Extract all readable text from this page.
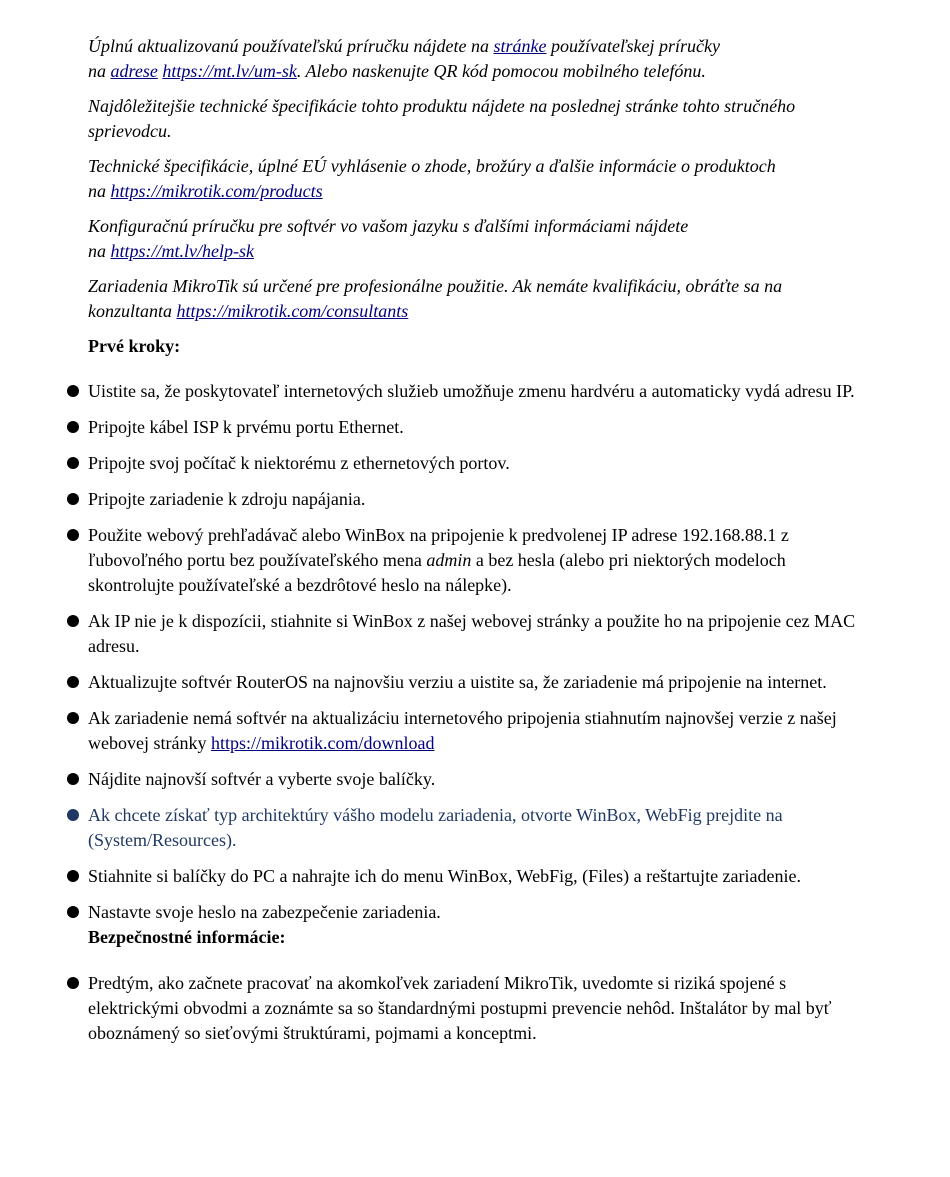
Úplnú aktualizovanú používateľskú príručku nájdete na stránke používateľskej príručky
na adrese https://mt.lv/um-sk. Alebo naskenujte QR kód pomocou mobilného telefónu.

Najdôležitejšie technické špecifikácie tohto produktu nájdete na poslednej stránke tohto stručného sprievodcu.

Technické špecifikácie, úplné EÚ vyhlásenie o zhode, brožúry a ďalšie informácie o produktoch
na https://mikrotik.com/products

Konfiguračnú príručku pre softvér vo vašom jazyku s ďalšími informáciami nájdete
na https://mt.lv/help-sk

Zariadenia MikroTik sú určené pre profesionálne použitie. Ak nemáte kvalifikáciu, obráťte sa na konzultanta https://mikrotik.com/consultants

Prvé kroky:

Uistite sa, že poskytovateľ internetových služieb umožňuje zmenu hardvéru a automaticky vydá adresu IP.
Pripojte kábel ISP k prvému portu Ethernet.
Pripojte svoj počítač k niektorému z ethernetových portov.
Pripojte zariadenie k zdroju napájania.
Použite webový prehľadávač alebo WinBox na pripojenie k predvolenej IP adrese 192.168.88.1 z ľubovoľného portu bez používateľského mena admin a bez hesla (alebo pri niektorých modeloch skontrolujte používateľské a bezdrôtové heslo na nálepke).
Ak IP nie je k dispozícii, stiahnite si WinBox z našej webovej stránky a použite ho na pripojenie cez MAC adresu.
Aktualizujte softvér RouterOS na najnovšiu verziu a uistite sa, že zariadenie má pripojenie na internet.
Ak zariadenie nemá softvér na aktualizáciu internetového pripojenia stiahnutím najnovšej verzie z našej webovej stránky https://mikrotik.com/download
Nájdite najnovší softvér a vyberte svoje balíčky.
Ak chcete získať typ architektúry vášho modelu zariadenia, otvorte WinBox, WebFig prejdite na (System/Resources).
Stiahnite si balíčky do PC a nahrajte ich do menu WinBox, WebFig, (Files) a reštartujte zariadenie.
Nastavte svoje heslo na zabezpečenie zariadenia.

Bezpečnostné informácie:

Predtým, ako začnete pracovať na akomkoľvek zariadení MikroTik, uvedomte si riziká spojené s elektrickými obvodmi a zoznámte sa so štandardnými postupmi prevencie nehôd. Inštalátor by mal byť oboznámený so sieťovými štruktúrami, pojmami a konceptmi.
